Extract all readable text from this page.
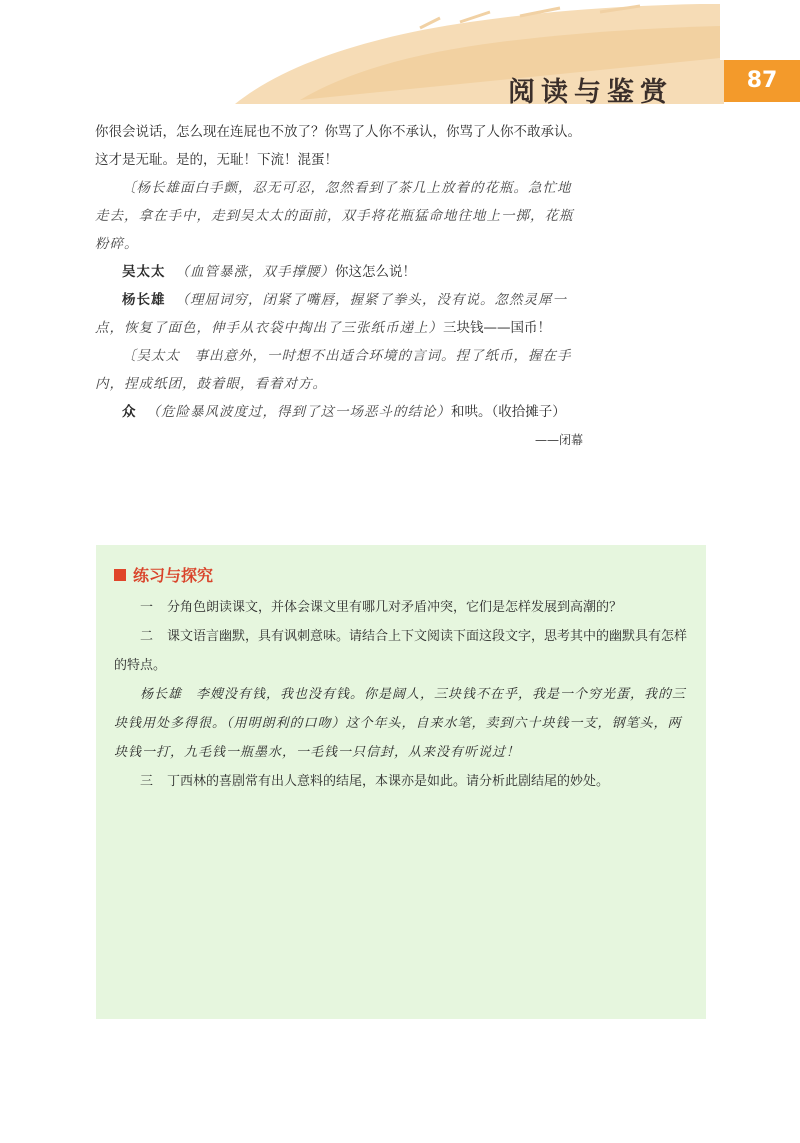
阅读与鉴赏	87

你很会说话，怎么现在连屁也不放了？你骂了人你不承认，你骂了人你不敢承认。这才是无耻。是的，无耻！下流！混蛋！

〔杨长雄面白手颤，忍无可忍，忽然看到了茶几上放着的花瓶。急忙地走去，拿在手中，走到吴太太的面前，双手将花瓶猛命地往地上一掷，花瓶粉碎。

吴太太 （血管暴涨，双手撑腰）你这怎么说！

杨长雄 （理屈词穷，闭紧了嘴唇，握紧了拳头，没有说。忽然灵犀一点，恢复了面色，伸手从衣袋中掏出了三张纸币递上）三块钱——国币！

〔吴太太　事出意外，一时想不出适合环境的言词。捏了纸币，握在手内，捏成纸团，鼓着眼，看着对方。

众 （危险暴风波度过，得到了这一场恶斗的结论）和哄。（收拾摊子）

——闭幕

练习与探究

一 分角色朗读课文，并体会课文里有哪几对矛盾冲突，它们是怎样发展到高潮的？

二 课文语言幽默，具有讽刺意味。请结合上下文阅读下面这段文字，思考其中的幽默具有怎样的特点。

杨长雄　李嫂没有钱，我也没有钱。你是阔人，三块钱不在乎，我是一个穷光蛋，我的三块钱用处多得很。（用明朗利的口吻）这个年头，自来水笔，卖到六十块钱一支，钢笔头，两块钱一打，九毛钱一瓶墨水，一毛钱一只信封，从来没有听说过！

三 丁西林的喜剧常有出人意料的结尾，本课亦是如此。请分析此剧结尾的妙处。
